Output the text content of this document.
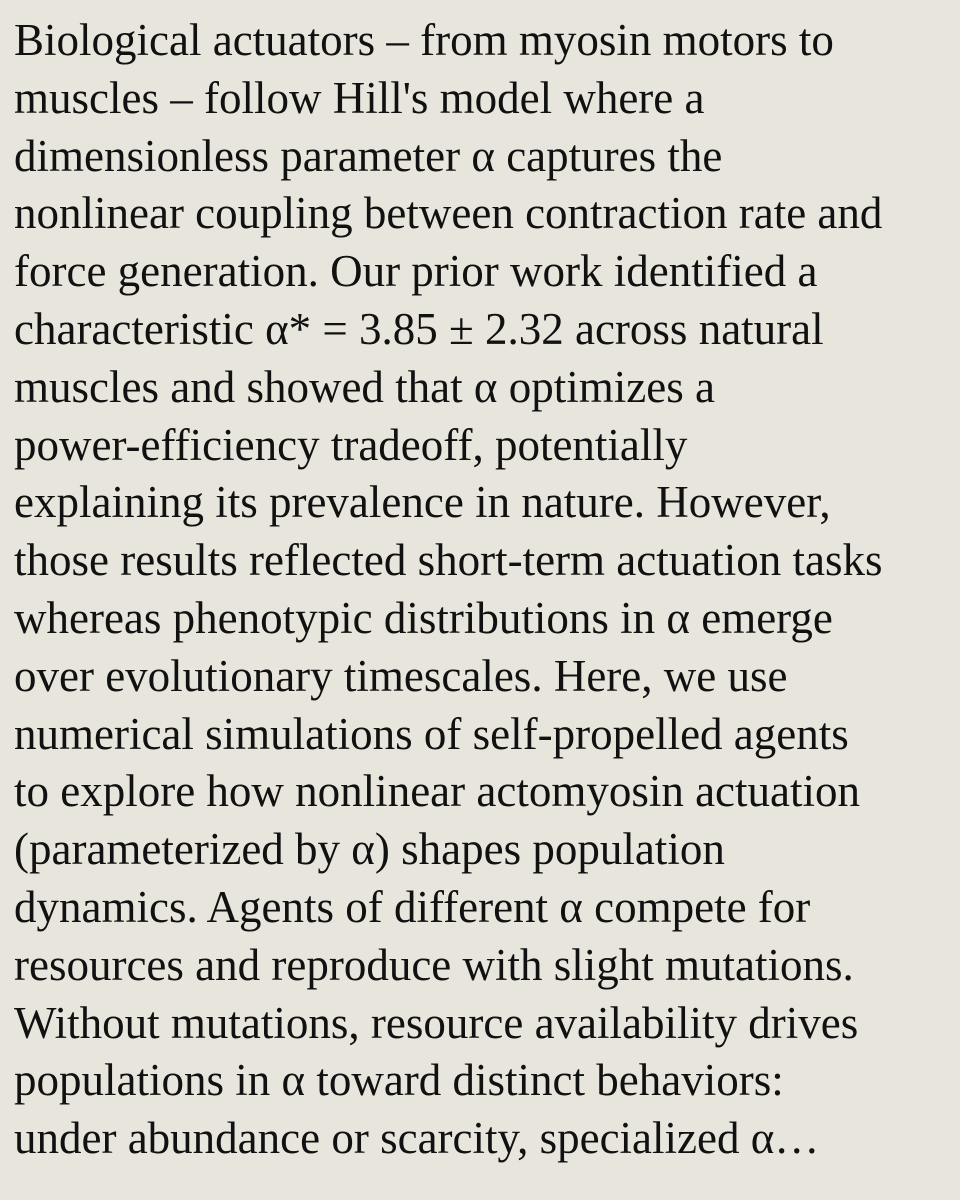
Biological actuators – from myosin motors to
muscles – follow Hill's model where a
dimensionless parameter α captures the
nonlinear coupling between contraction rate and
force generation. Our prior work identified a
characteristic α* = 3.85 ± 2.32 across natural
muscles and showed that α optimizes a
power-efficiency tradeoff, potentially
explaining its prevalence in nature. However,
those results reflected short-term actuation tasks
whereas phenotypic distributions in α emerge
over evolutionary timescales. Here, we use
numerical simulations of self-propelled agents
to explore how nonlinear actomyosin actuation
(parameterized by α) shapes population
dynamics. Agents of different α compete for
resources and reproduce with slight mutations.
Without mutations, resource availability drives
populations in α toward distinct behaviors:
under abundance or scarcity, specialized α…
